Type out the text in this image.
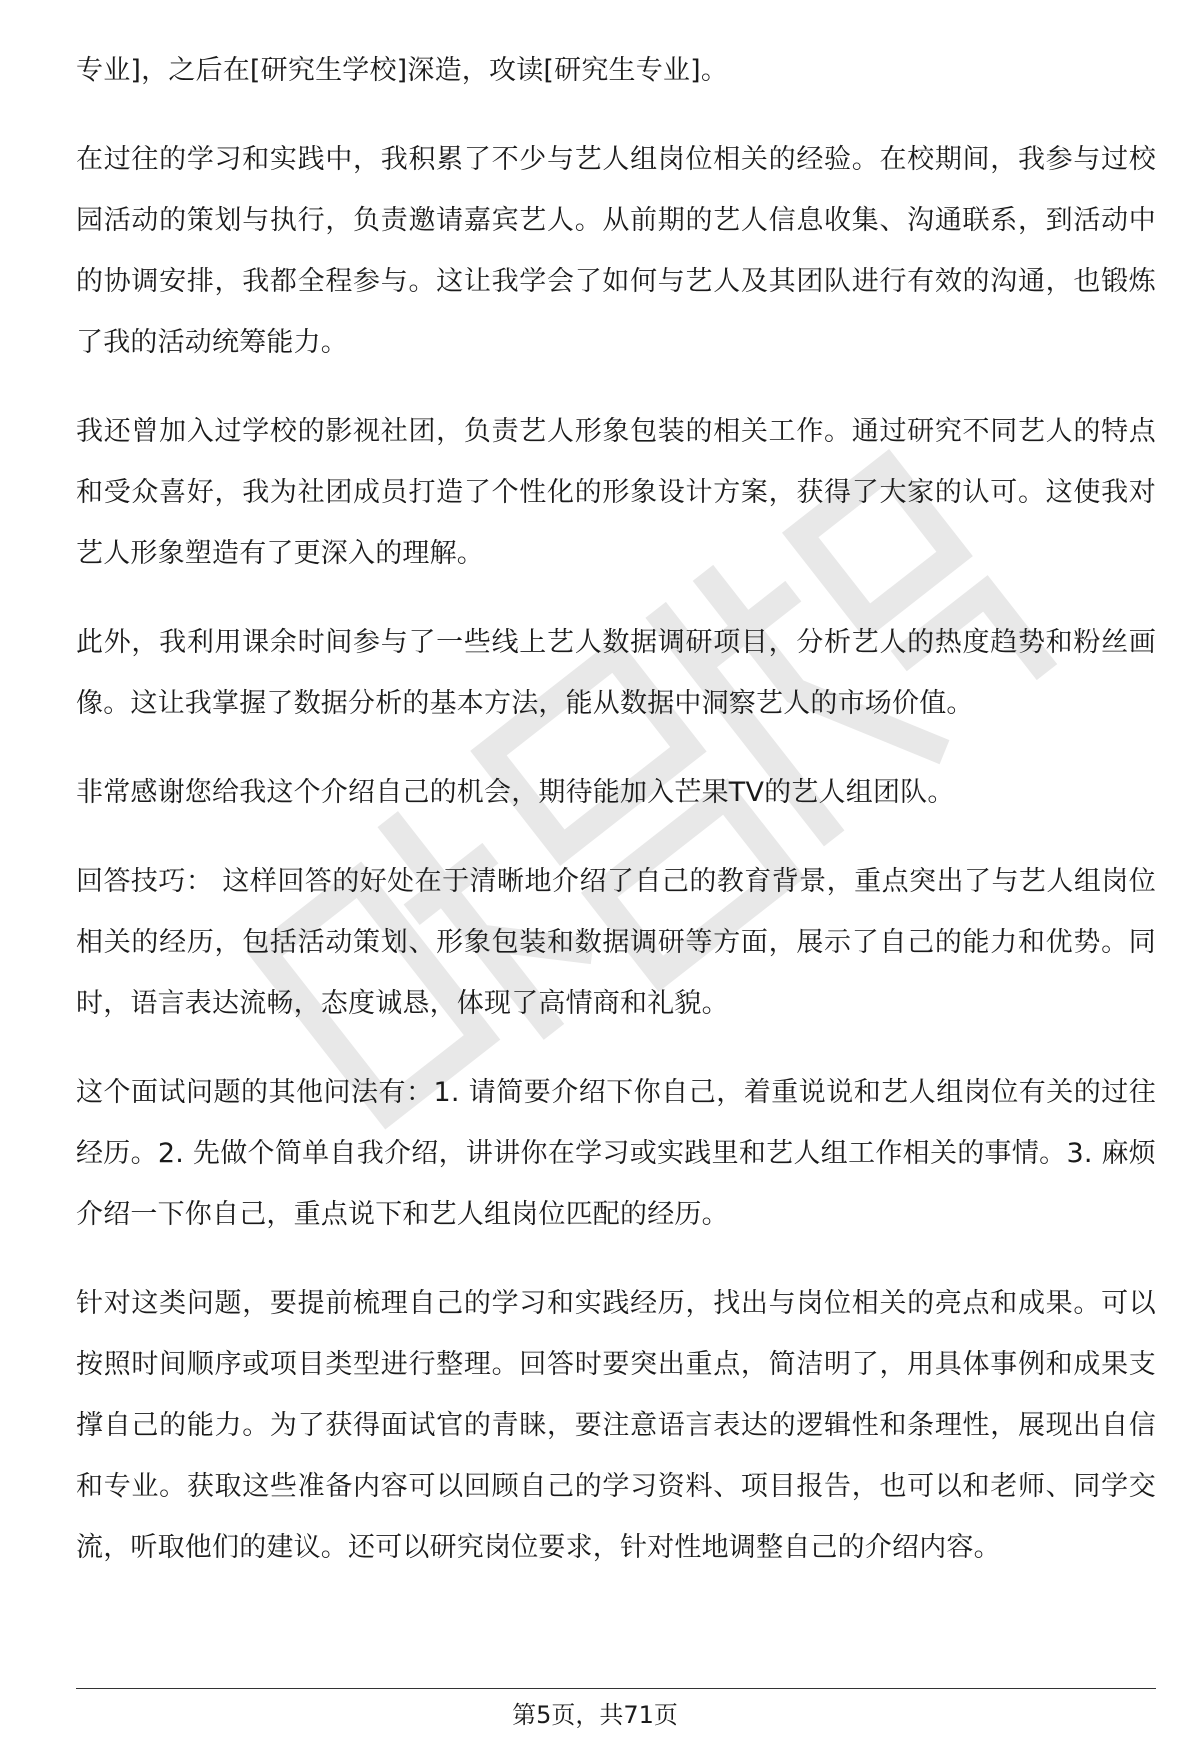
专业]，之后在[研究生学校]深造，攻读[研究生专业]。

在过往的学习和实践中，我积累了不少与艺人组岗位相关的经验。在校期间，我参与过校园活动的策划与执行，负责邀请嘉宾艺人。从前期的艺人信息收集、沟通联系，到活动中的协调安排，我都全程参与。这让我学会了如何与艺人及其团队进行有效的沟通，也锻炼了我的活动统筹能力。

我还曾加入过学校的影视社团，负责艺人形象包装的相关工作。通过研究不同艺人的特点和受众喜好，我为社团成员打造了个性化的形象设计方案，获得了大家的认可。这使我对艺人形象塑造有了更深入的理解。

此外，我利用课余时间参与了一些线上艺人数据调研项目，分析艺人的热度趋势和粉丝画像。这让我掌握了数据分析的基本方法，能从数据中洞察艺人的市场价值。

非常感谢您给我这个介绍自己的机会，期待能加入芒果TV的艺人组团队。

回答技巧： 这样回答的好处在于清晰地介绍了自己的教育背景，重点突出了与艺人组岗位相关的经历，包括活动策划、形象包装和数据调研等方面，展示了自己的能力和优势。同时，语言表达流畅，态度诚恳，体现了高情商和礼貌。

这个面试问题的其他问法有：1. 请简要介绍下你自己，着重说说和艺人组岗位有关的过往经历。2. 先做个简单自我介绍，讲讲你在学习或实践里和艺人组工作相关的事情。3. 麻烦介绍一下你自己，重点说下和艺人组岗位匹配的经历。

针对这类问题，要提前梳理自己的学习和实践经历，找出与岗位相关的亮点和成果。可以按照时间顺序或项目类型进行整理。回答时要突出重点，简洁明了，用具体事例和成果支撑自己的能力。为了获得面试官的青睐，要注意语言表达的逻辑性和条理性，展现出自信和专业。获取这些准备内容可以回顾自己的学习资料、项目报告，也可以和老师、同学交流，听取他们的建议。还可以研究岗位要求，针对性地调整自己的介绍内容。

第5页，共71页
